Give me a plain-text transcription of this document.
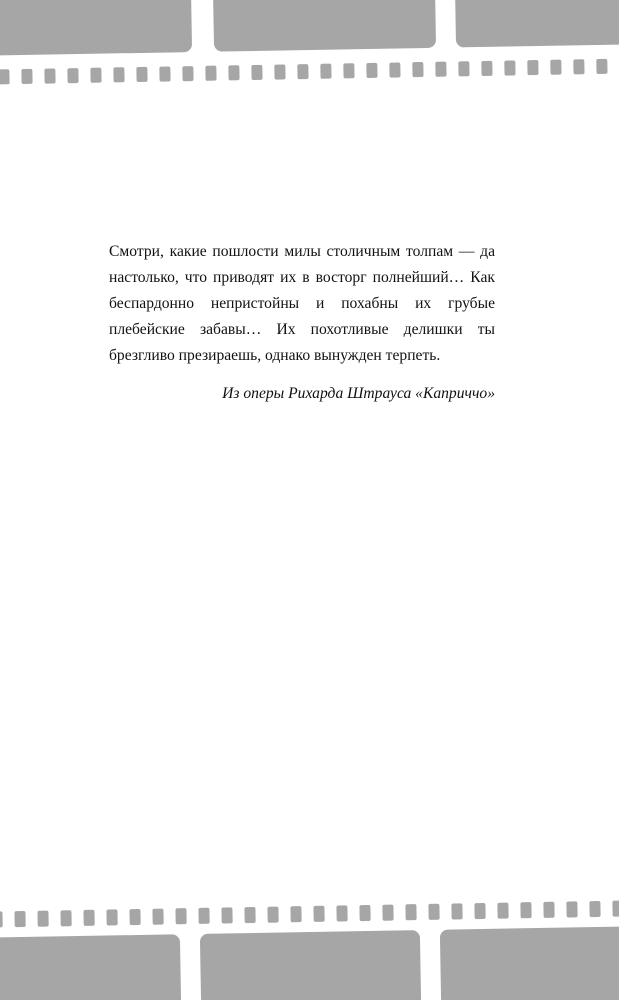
Смотри, какие пошлости милы столичным толпам — да настолько, что приводят их в восторг полнейший… Как беспардонно непристойны и похабны их грубые плебейские забавы… Их похотливые делишки ты брезгливо презираешь, однако вынужден терпеть.

Из оперы Рихарда Штрауса «Каприччо»
